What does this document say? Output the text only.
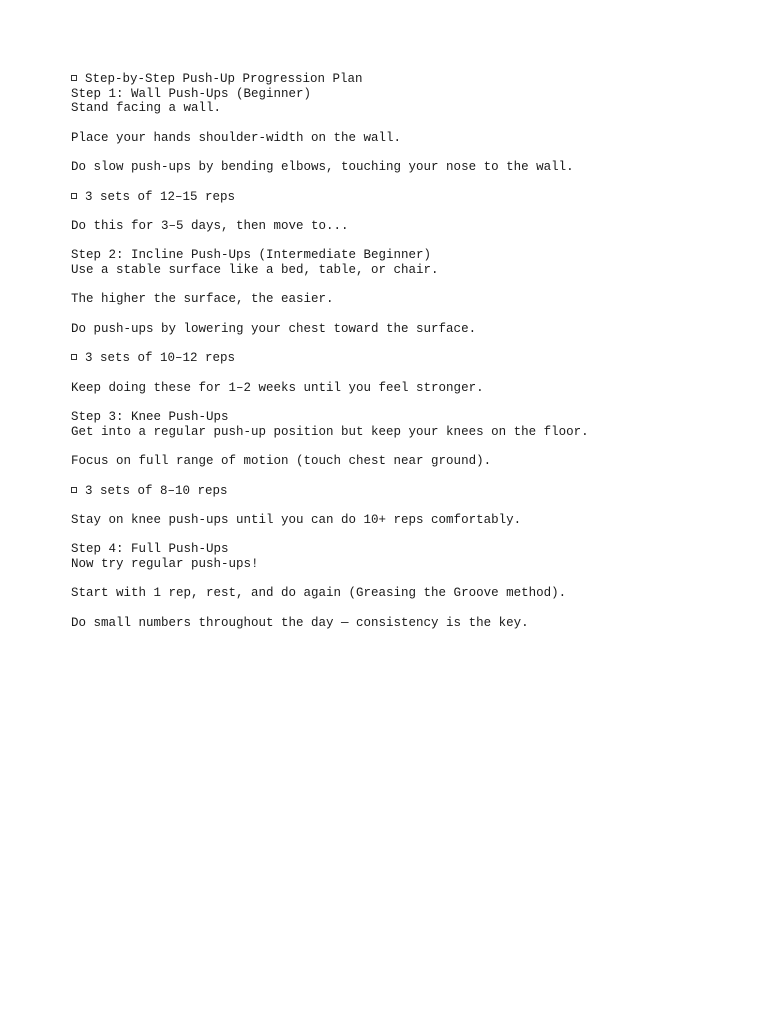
Step-by-Step Push-Up Progression Plan
Step 1: Wall Push-Ups (Beginner)
Stand facing a wall.
Place your hands shoulder-width on the wall.
Do slow push-ups by bending elbows, touching your nose to the wall.
3 sets of 12–15 reps
Do this for 3–5 days, then move to...
Step 2: Incline Push-Ups (Intermediate Beginner)
Use a stable surface like a bed, table, or chair.
The higher the surface, the easier.
Do push-ups by lowering your chest toward the surface.
3 sets of 10–12 reps
Keep doing these for 1–2 weeks until you feel stronger.
Step 3: Knee Push-Ups
Get into a regular push-up position but keep your knees on the floor.
Focus on full range of motion (touch chest near ground).
3 sets of 8–10 reps
Stay on knee push-ups until you can do 10+ reps comfortably.
Step 4: Full Push-Ups
Now try regular push-ups!
Start with 1 rep, rest, and do again (Greasing the Groove method).
Do small numbers throughout the day — consistency is the key.
